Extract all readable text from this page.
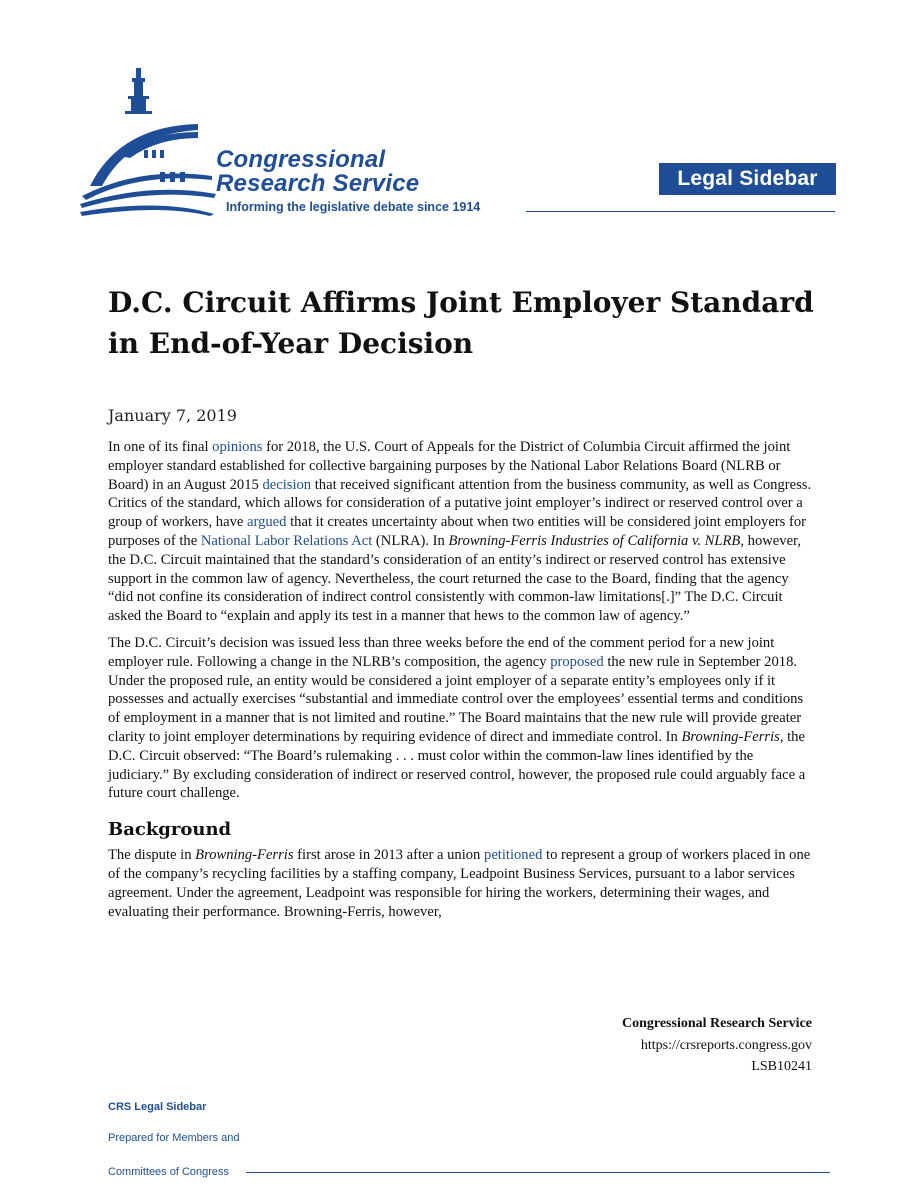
Congressional
Research Service
Informing the legislative debate since 1914
Legal Sidebar
D.C. Circuit Affirms Joint Employer Standard in End-of-Year Decision
January 7, 2019

In one of its final opinions for 2018, the U.S. Court of Appeals for the District of Columbia Circuit affirmed the joint employer standard established for collective bargaining purposes by the National Labor Relations Board (NLRB or Board) in an August 2015 decision that received significant attention from the business community, as well as Congress. Critics of the standard, which allows for consideration of a putative joint employer’s indirect or reserved control over a group of workers, have argued that it creates uncertainty about when two entities will be considered joint employers for purposes of the National Labor Relations Act (NLRA). In Browning-Ferris Industries of California v. NLRB, however, the D.C. Circuit maintained that the standard’s consideration of an entity’s indirect or reserved control has extensive support in the common law of agency. Nevertheless, the court returned the case to the Board, finding that the agency “did not confine its consideration of indirect control consistently with common-law limitations[.]” The D.C. Circuit asked the Board to “explain and apply its test in a manner that hews to the common law of agency.”

The D.C. Circuit’s decision was issued less than three weeks before the end of the comment period for a new joint employer rule. Following a change in the NLRB’s composition, the agency proposed the new rule in September 2018. Under the proposed rule, an entity would be considered a joint employer of a separate entity’s employees only if it possesses and actually exercises “substantial and immediate control over the employees’ essential terms and conditions of employment in a manner that is not limited and routine.” The Board maintains that the new rule will provide greater clarity to joint employer determinations by requiring evidence of direct and immediate control. In Browning-Ferris, the D.C. Circuit observed: “The Board’s rulemaking . . . must color within the common-law lines identified by the judiciary.” By excluding consideration of indirect or reserved control, however, the proposed rule could arguably face a future court challenge.

Background

The dispute in Browning-Ferris first arose in 2013 after a union petitioned to represent a group of workers placed in one of the company’s recycling facilities by a staffing company, Leadpoint Business Services, pursuant to a labor services agreement. Under the agreement, Leadpoint was responsible for hiring the workers, determining their wages, and evaluating their performance. Browning-Ferris, however,

Congressional Research Service
https://crsreports.congress.gov
LSB10241
CRS Legal Sidebar
Prepared for Members and
Committees of Congress
